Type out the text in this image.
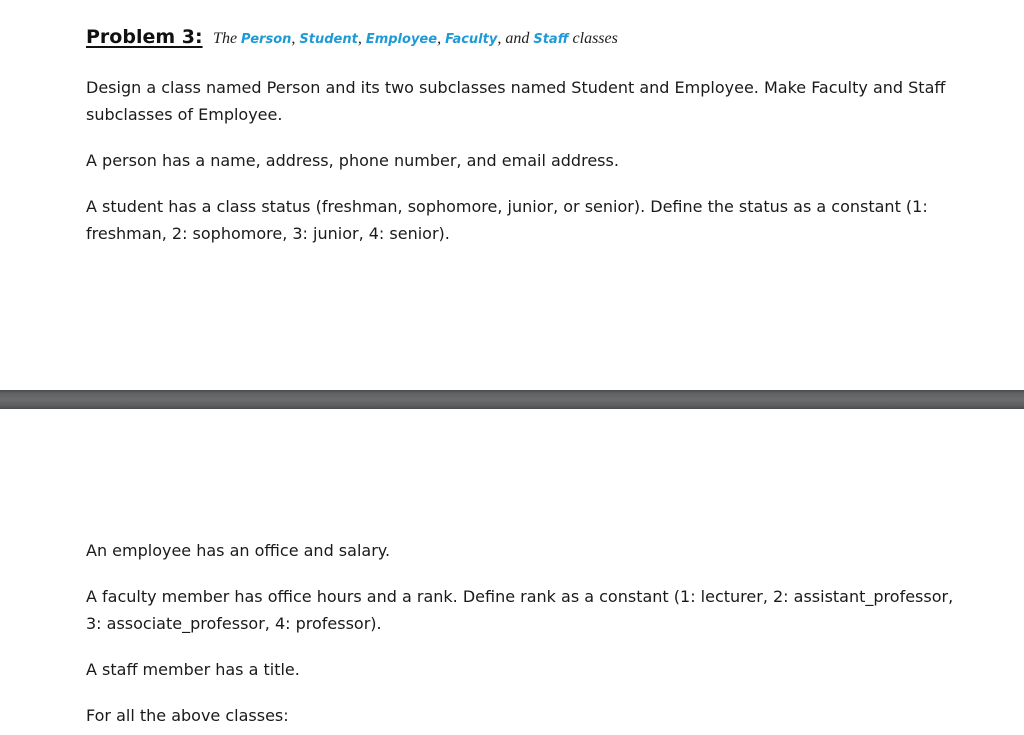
Problem 3: The Person, Student, Employee, Faculty, and Staff classes

Design a class named Person and its two subclasses named Student and Employee. Make Faculty and Staff subclasses of Employee.

A person has a name, address, phone number, and email address.

A student has a class status (freshman, sophomore, junior, or senior). Define the status as a constant (1: freshman, 2: sophomore, 3: junior, 4: senior).

An employee has an office and salary.

A faculty member has office hours and a rank. Define rank as a constant (1: lecturer, 2: assistant_professor, 3: associate_professor, 4: professor).

A staff member has a title.

For all the above classes:
